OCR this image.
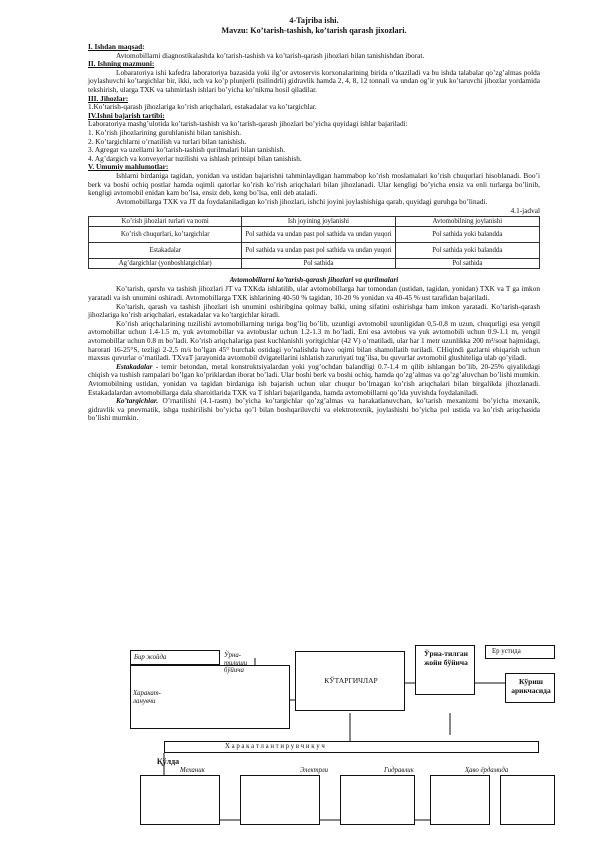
4-Tajriba ishi.
Mavzu: Ko’tarish-tashish, ko’tarish qarash jixozlari.

I. Ishdan maqsad:

Avtomobillarni diagnostikalashda ko’tarish-tashish va ko’tarish-qarash jihozlari bilan tanishishdan iborat.

II. Ishning mazmuni:

Lobaratoriya ishi kafedra laboratoriya bazasida yoki ilg’or avtoservis korxonalarining birida o’tkaziladi va bu ishda talabalar qo’zg’almas polda joylashuvchi ko’targichlar bir, ikki, uch va ko’p plunjerli (tsilindrli) gidravlik hamda 2, 4, 8, 12 tonnali va undan og’ir yuk ko’taruvchi jihozlar yordamida tekshirish, ularga TXK va tahmirlash ishlari bo’yicha ko’nikma hosil qiladilar.

III. Jihozlar:

1.Ko’tarish-qarash jihozlariga ko’rish ariqchalari, estakadalar va ko’targichlar.

IV.Ishni bajarish tartibi:

Laboratoriya mashg’ulotida ko’tarish-tashish va ko’tarish-qarash jihozlari bo’yicha quyidagi ishlar bajariladi:

1. Ko’rish jihozlarining guruhlanishi bilan tanishish.

2. Ko’targichlarni o’rnatilish va turlari bilan tanishish.

3. Agregat va uzellarni ko’tarish-tashish qurilmalari bilan tanishish.

4. Ag’dargich va konveyerlar tuzilishi va ishlash printsipi bilan tanishish.

V. Umumiy mahlumotlar:

Ishlarni birdaniga tagidan, yonidan va ustidan bajarishni tahminlaydigan hammabop ko’rish moslamalari ko’rish chuqurlari hisoblanadi. Boo’i berk va boshi ochiq postlar hamda oqimli qatorlar ko’rish ko’rish ariqchalari bilan jihozlanadi. Ular kengligi bo’yicha ensiz va enli turlarga bo’linib, kengligi avtomobil enidan kam bo’lsa, ensiz deb, keng bo’lsa, enli deb ataladi.

Avtomobillarga TXK va JT da foydalaniladigan ko’rish jihozlari, ishchi joyini joylashishiga qarab, quyidagi guruhga bo’linadi.

4.1-jadval
Ko’rish jihozlari turlari va nomi	Ish joyining joylanishi	Avtomobilning joylanishi
Ko’rish chuqurlari, ko’targichlar	Pol sathida va undan past pol sathida va undan yuqori	Pol sathida yoki balandda
Estakadalar	Pol sathida va undan past pol sathida va undan yuqori	Pol sathida yoki balandda
Ag’dargichlar (yonboshlatgichlar)	Pol sathida	Pol sathida
Avtomobillarni ko’tarish-qarash jihozlari va qurilmalari

Ko’tarish, qarshı va tashish jihozlari JT va TXKda ishlatilib, ular avtomobillarga har tomondan (ustidan, tagidan, yonidan) TXK va T ga imkon yaratadi va ish unumini oshiradi. Avtomobillarga TXK ishlarining 40-50 % tagidan, 10-20 % yonidan va 40-45 % ust tarafidan bajariladi.

Ko’tarish, qarash va tashish jihozlari ish unumini oshiribgina qolmay balki, uning sifatini oshirishga ham imkon yaratadi. Ko’tarish-qarash jihozlariga ko’rish ariqchalari, estakadalar va ko’targichlar kiradi.

Ko’rish ariqchalarining tuzilishi avtomobillarning turiga bog’liq bo’lib, uzunligi avtomobil uzunligidan 0,5-0,8 m uzun, chuqurligi esa yengil avtomobillar uchun 1.4-1.5 m, yuk avtomobillar va avtobuslar uchun 1.2-1.3 m bo’ladi. Eni esa avtobus va yuk avtomobili uchun 0.9-1.1 m, yengil avtomobillar uchun 0.8 m bo’ladi. Ko’rish ariqchalariga past kuchlanishli yoritgichlar (42 V) o’rnatiladi, ular har 1 metr uzunlikka 200 m³/soat hajmidagi, harorati 16-25°S, tezligi 2-2,5 m/s bo’lgan 45° burchak ostidagi yo’nalishda havo oqimi bilan shamollatib turiladi. CHiqindi gazlarni ehiqarish uchun maxsus quvurlar o’rnatiladi. TXvaT jarayonida avtomobil dvigatellarini ishlatish zaruriyati tug’ilsa, bu quvurlar avtomobil glushiteliga ulab qo’yiladi.

Estakadalar - temir betondan, metal konstruktsiyalardan yoki yog’ochdan balandligi 0.7-1.4 m qilib ishlangan bo’lib, 20-25% qiyalikdagi chiqish va tushish rampalari bo’lgan ko’priklardan iborat bo’ladi. Ular boshi berk va boshi ochiq, hamda qo’zg’almas va qo’zg’aluvchan bo’lishi mumkin. Avtomobilning ustidan, yonidan va tagidan birdaniga ish bajarish uchun ular chuqur bo’lmagan ko’rish ariqchalari bilan birgalikda jihozlanadi. Estakadalardan avtomobillarga dala sharoitlarida TXK va T ishlari bajarilganda, hamda avtomobillarni qo’lda yuvishda foydalaniladi.

Ko’targichlar. O’rnatilishi (4.1-rasm) bo’yicha ko’targichlar qo’zg’almas va harakatlanuvchan, ko’tarish mexanizmi bo’yicha mexanik, gidravlik va pnevmatik, ishga tushirilishi bo’yicha qo’l bilan boshqariluvchi va elektrotexnik, joylashishi bo’yicha pol ustida va ko’rish ariqchasida bo’lishi mumkin.

Бир жойда	Ўрна-тилиши бўйича
Харакат-ланувчи
КЎТАРГИЧЛАР
Ўрна-тилган жойи бўйича
Ер устида
Кўриш арикчасида
Х а р а к а т л а н т и р у в ч и к у ч
Қўлда
Механик	Электрли	Гидравлик	Ҳаво ёрдамида
